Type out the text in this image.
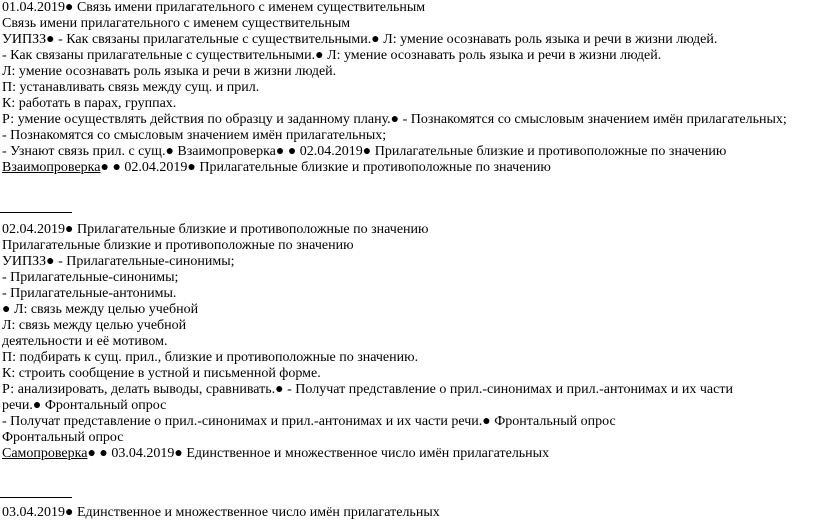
01.04.2019● Связь имени прилагательного с именем существительным
Связь имени прилагательного с именем существительным
УИПЗЗ● - Как связаны прилагательные с существительными.● Л: умение осознавать роль языка и речи в жизни людей.
- Как связаны прилагательные с существительными.● Л: умение осознавать роль языка и речи в жизни людей.
Л: умение осознавать роль языка и речи в жизни людей.
П: устанавливать связь между сущ. и прил.
К: работать в парах, группах.
Р: умение осуществлять действия по образцу и заданному плану.● - Познакомятся со смысловым значением имён прилагательных;
- Познакомятся со смысловым значением имён прилагательных;
- Узнают связь прил. с сущ.● Взаимопроверка● ● 02.04.2019● Прилагательные близкие и противоположные по значению
Взаимопроверка● ● 02.04.2019● Прилагательные близкие и противоположные по значению
02.04.2019● Прилагательные близкие и противоположные по значению
Прилагательные близкие и противоположные по значению
УИПЗЗ● - Прилагательные-синонимы;
- Прилагательные-синонимы;
- Прилагательные-антонимы.
● Л: связь между целью учебной
Л: связь между целью учебной
деятельности и её мотивом.
П: подбирать к сущ. прил., близкие и противоположные по значению.
К: строить сообщение в устной и письменной форме.
Р: анализировать, делать выводы, сравнивать.● - Получат представление о прил.-синонимах и прил.-антонимах и их части
речи.● Фронтальный опрос
- Получат представление о прил.-синонимах и прил.-антонимах и их части речи.● Фронтальный опрос
Фронтальный опрос
Самопроверка● ● 03.04.2019● Единственное и множественное число имён прилагательных
03.04.2019● Единственное и множественное число имён прилагательных
